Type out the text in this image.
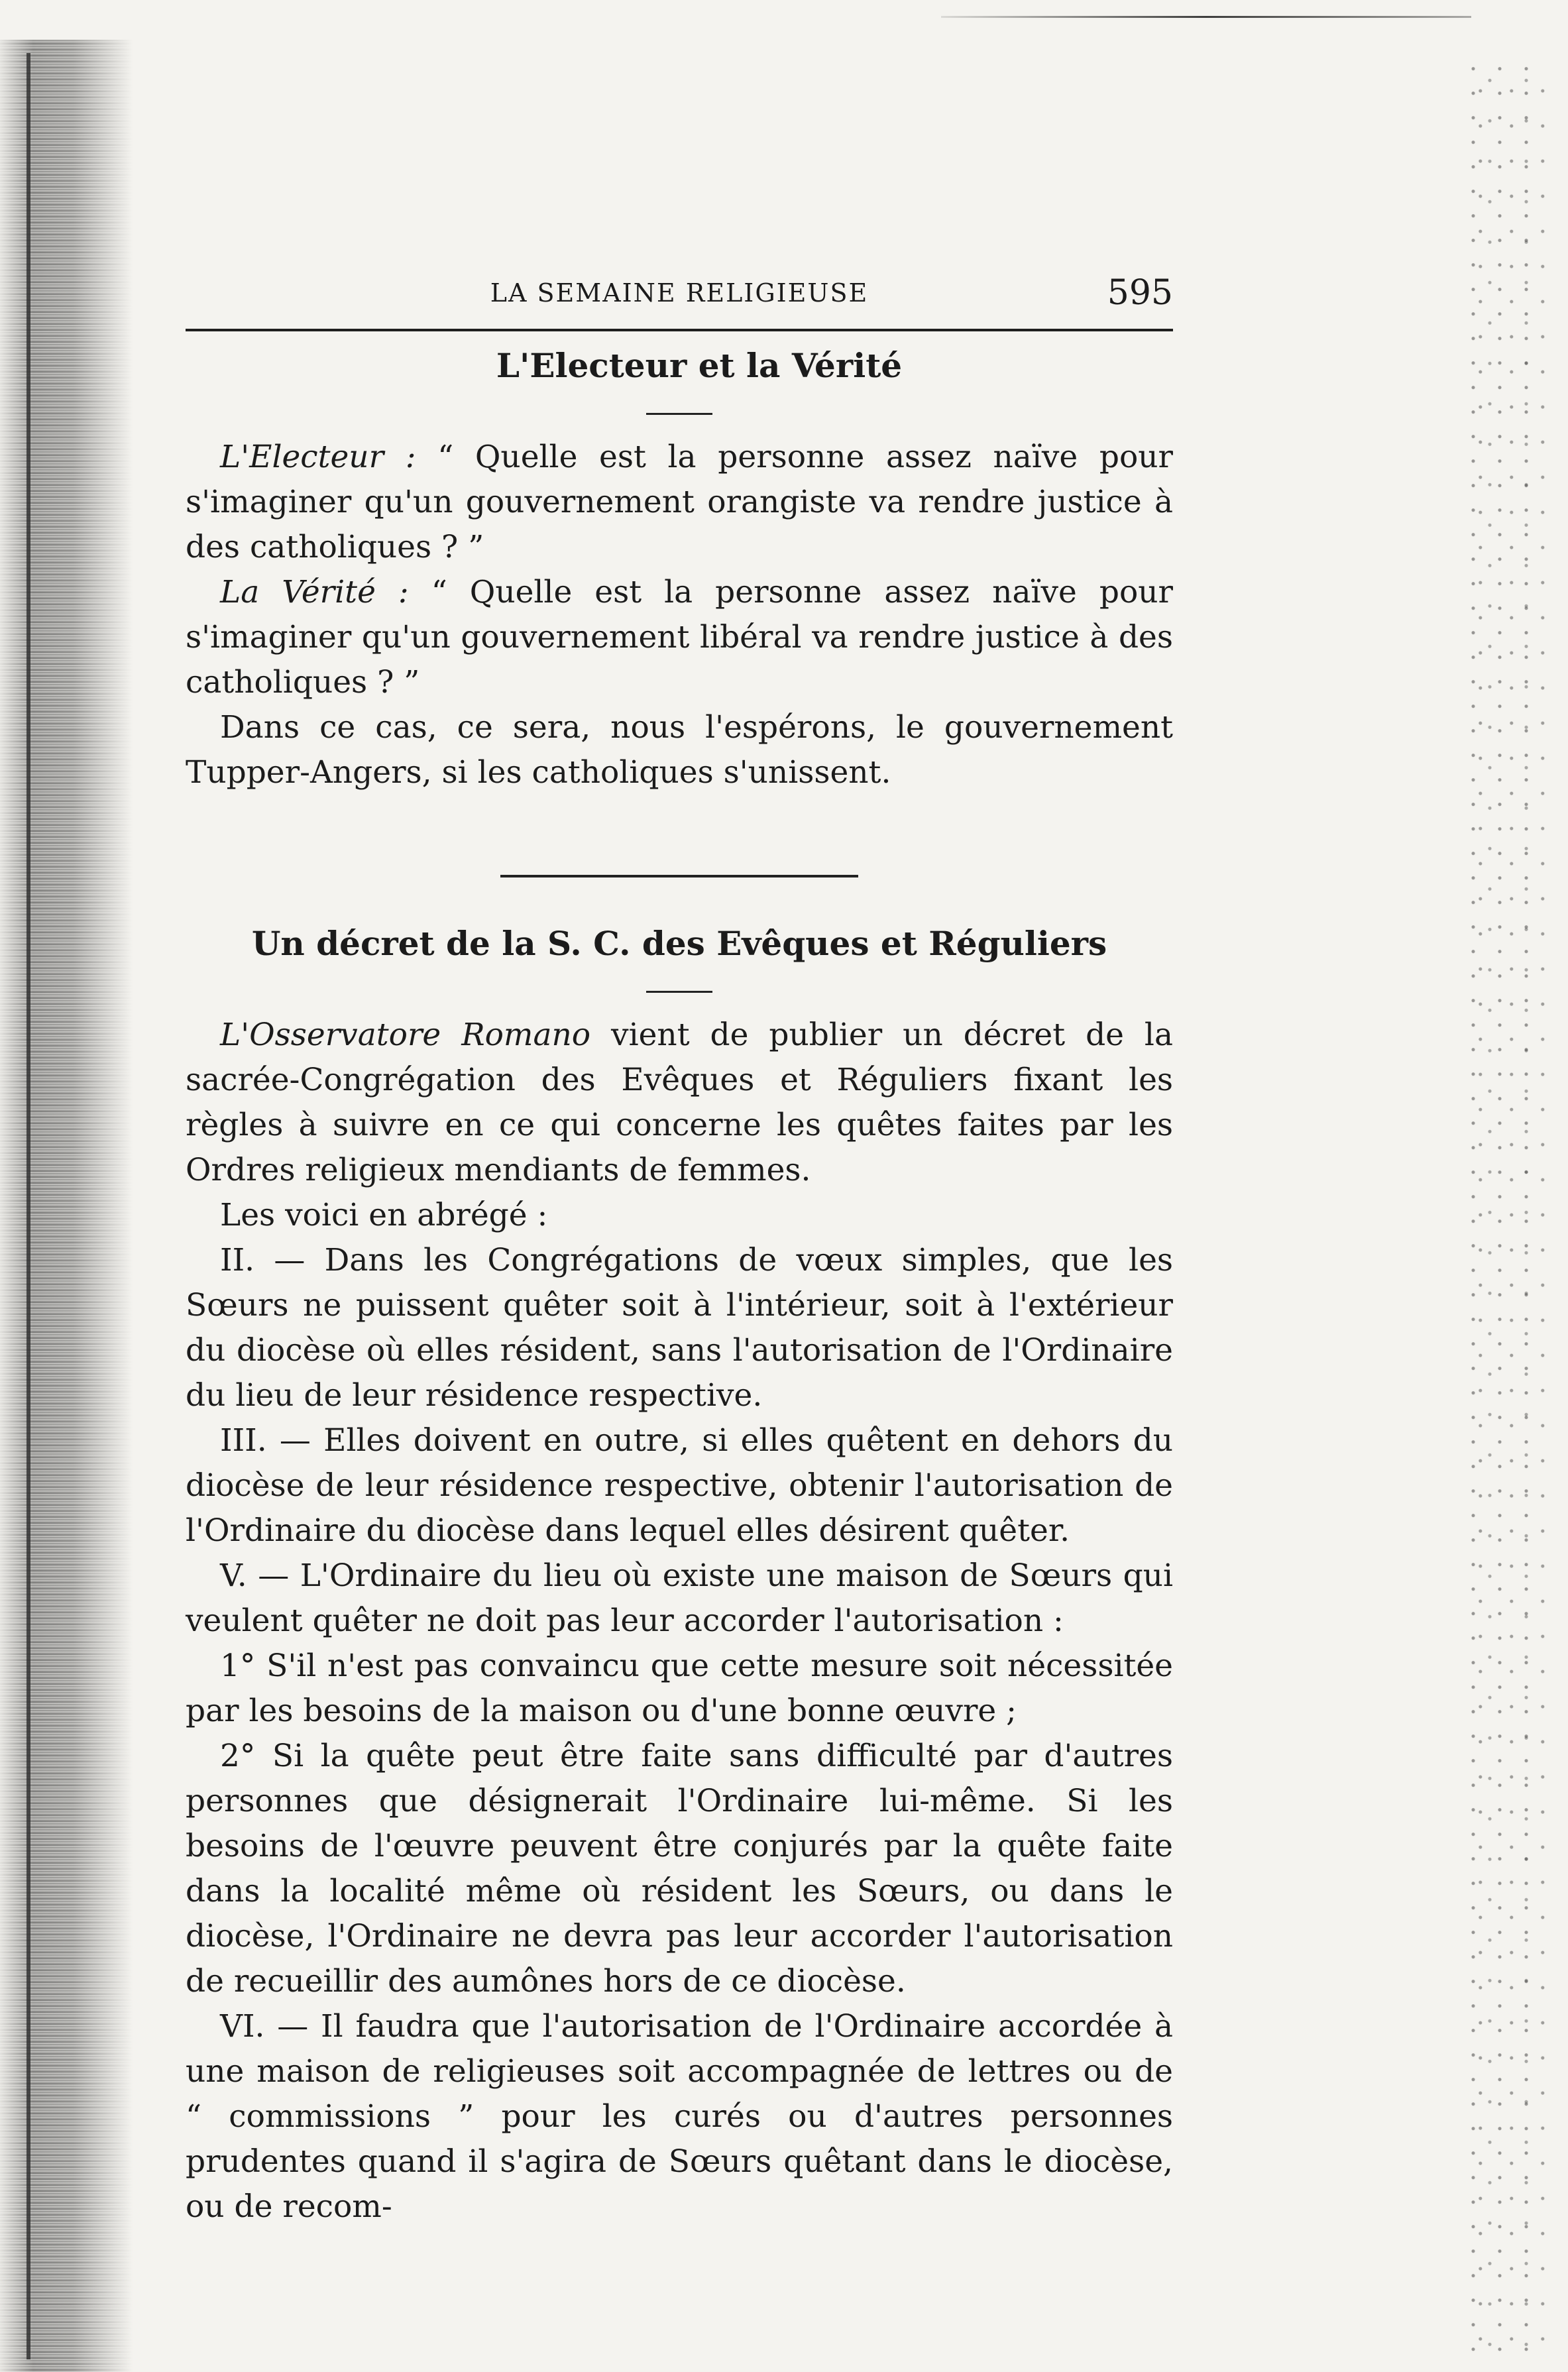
LA SEMAINE RELIGIEUSE	595
L'Electeur et la Vérité

L'Electeur : “ Quelle est la personne assez naïve pour s'imaginer qu'un gouvernement orangiste va rendre justice à des catholiques ? ”

La Vérité : “ Quelle est la personne assez naïve pour s'imaginer qu'un gouvernement libéral va rendre justice à des catholiques ? ”

Dans ce cas, ce sera, nous l'espérons, le gouvernement Tupper-Angers, si les catholiques s'unissent.

Un décret de la S. C. des Evêques et Réguliers

L'Osservatore Romano vient de publier un décret de la sacrée-Congrégation des Evêques et Réguliers fixant les règles à suivre en ce qui concerne les quêtes faites par les Ordres religieux mendiants de femmes.

Les voici en abrégé :

II. — Dans les Congrégations de vœux simples, que les Sœurs ne puissent quêter soit à l'intérieur, soit à l'extérieur du diocèse où elles résident, sans l'autorisation de l'Ordinaire du lieu de leur résidence respective.

III. — Elles doivent en outre, si elles quêtent en dehors du diocèse de leur résidence respective, obtenir l'autorisation de l'Ordinaire du diocèse dans lequel elles désirent quêter.

V. — L'Ordinaire du lieu où existe une maison de Sœurs qui veulent quêter ne doit pas leur accorder l'autorisation :

1° S'il n'est pas convaincu que cette mesure soit nécessitée par les besoins de la maison ou d'une bonne œuvre ;

2° Si la quête peut être faite sans difficulté par d'autres personnes que désignerait l'Ordinaire lui-même. Si les besoins de l'œuvre peuvent être conjurés par la quête faite dans la localité même où résident les Sœurs, ou dans le diocèse, l'Ordinaire ne devra pas leur accorder l'autorisation de recueillir des aumônes hors de ce diocèse.

VI. — Il faudra que l'autorisation de l'Ordinaire accordée à une maison de religieuses soit accompagnée de lettres ou de “ commissions ” pour les curés ou d'autres personnes prudentes quand il s'agira de Sœurs quêtant dans le diocèse, ou de recom-
